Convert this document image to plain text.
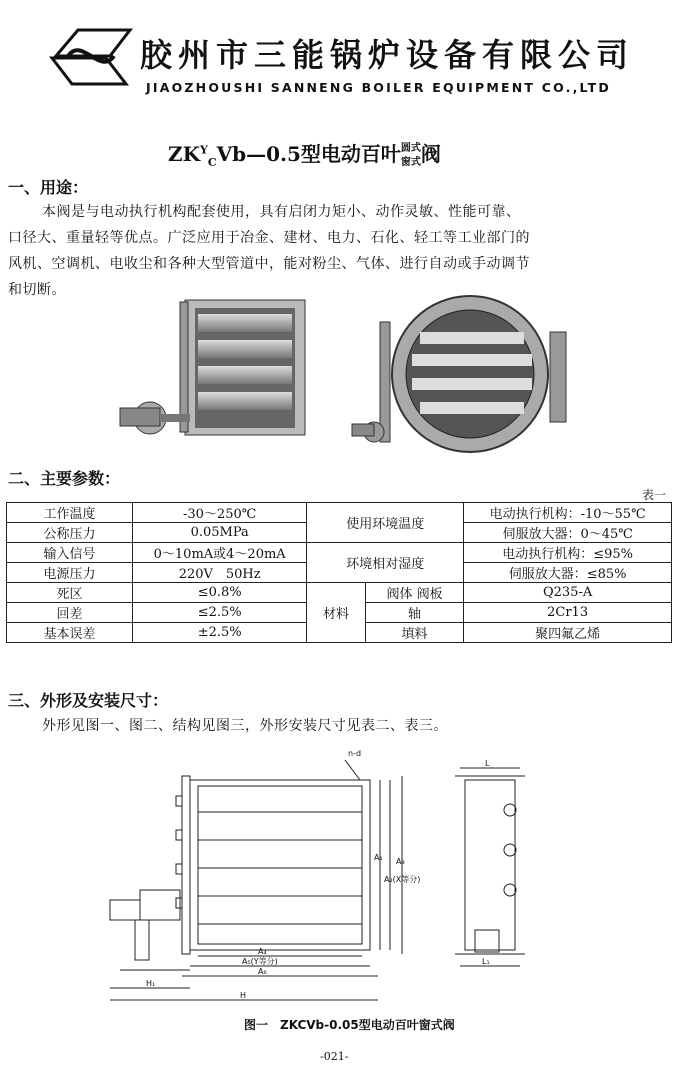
胶州市三能锅炉设备有限公司
JIAOZHOUSHI SANNENG BOILER EQUIPMENT CO.,LTD
$ZK^Y_CVb—0.5$型电动百叶圆式
窗式阀
一、用途：
本阀是与电动执行机构配套使用，具有启闭力矩小、动作灵敏、性能可靠、
口径大、重量轻等优点。广泛应用于冶金、建材、电力、石化、轻工等工业部门的
风机、空调机、电收尘和各种大型管道中，能对粉尘、气体、进行自动或手动调节
和切断。
二、主要参数：
表一
工作温度	-30～250℃	使用环境温度		电动执行机构：-10～55℃
公称压力	0.05MPa			伺服放大器：0～45℃
输入信号	0～10mA或4～20mA	环境相对湿度		电动执行机构：≤95%
电源压力	220V　50Hz			伺服放大器：≤85%
死区	≤0.8%	材料	阀体 阀板	Q235-A
回差	≤2.5%		轴	2Cr13
基本误差	±2.5%		填料	聚四氟乙烯
三、外形及安装尺寸：
外形见图一、图二、结构见图三，外形安装尺寸见表二、表三。
n-d
A₁
A₂(X等分)
A₃
A₄
A₅(Y等分)
A₆
H₁
H
L
L₁
图一　ZKCVb-0.05型电动百叶窗式阀
-021-
